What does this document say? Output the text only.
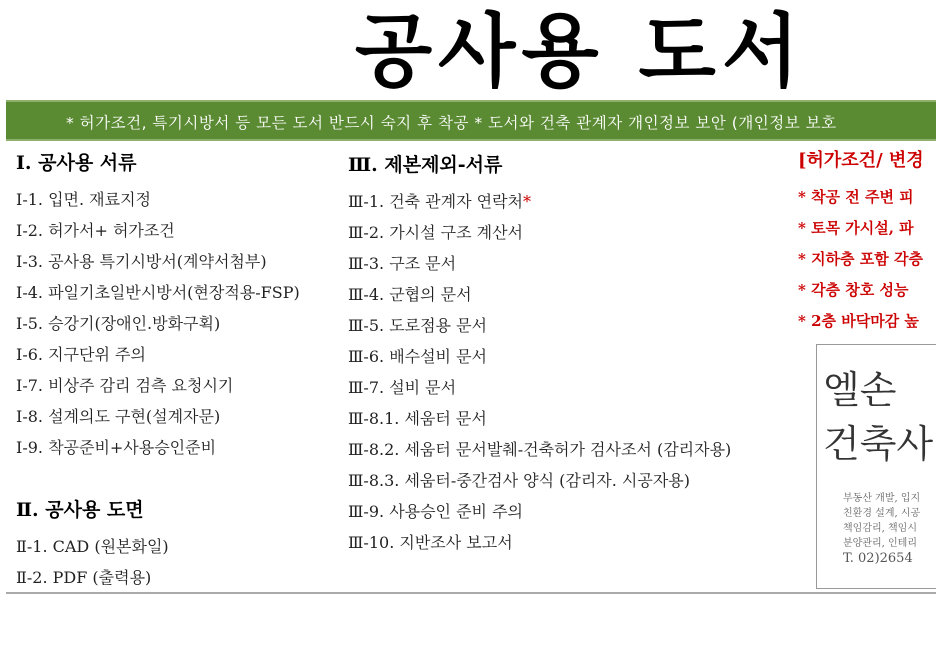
공사용 도서
* 허가조건, 특기시방서 등 모든 도서 반드시 숙지 후 착공 * 도서와 건축 관계자 개인정보 보안 (개인정보 보호
Ⅰ. 공사용 서류
Ⅰ-1. 입면. 재료지정
Ⅰ-2. 허가서+ 허가조건
Ⅰ-3. 공사용 특기시방서(계약서첨부)
Ⅰ-4. 파일기초일반시방서(현장적용-FSP)
Ⅰ-5. 승강기(장애인.방화구획)
Ⅰ-6. 지구단위 주의
Ⅰ-7. 비상주 감리 검측 요청시기
Ⅰ-8. 설계의도 구현(설계자문)
Ⅰ-9. 착공준비+사용승인준비
Ⅱ. 공사용 도면
Ⅱ-1. CAD (원본화일)
Ⅱ-2. PDF (출력용)
Ⅲ. 제본제외-서류
Ⅲ-1. 건축 관계자 연락처*
Ⅲ-2. 가시설 구조 계산서
Ⅲ-3. 구조 문서
Ⅲ-4. 군협의 문서
Ⅲ-5. 도로점용 문서
Ⅲ-6. 배수설비 문서
Ⅲ-7. 설비 문서
Ⅲ-8.1. 세움터 문서
Ⅲ-8.2. 세움터 문서발췌-건축허가 검사조서 (감리자용)
Ⅲ-8.3. 세움터-중간검사 양식 (감리자. 시공자용)
Ⅲ-9. 사용승인 준비 주의
Ⅲ-10. 지반조사 보고서
[허가조건/ 변경
* 착공 전 주변 피
* 토목 가시설, 파
* 지하층 포함 각층
* 각층 창호 성능
* 2층 바닥마감 높
엘손
건축사
부동산 개발, 입지
친환경 설계, 시공
책임감리, 책임시
분양관리, 인테리
T. 02)2654
